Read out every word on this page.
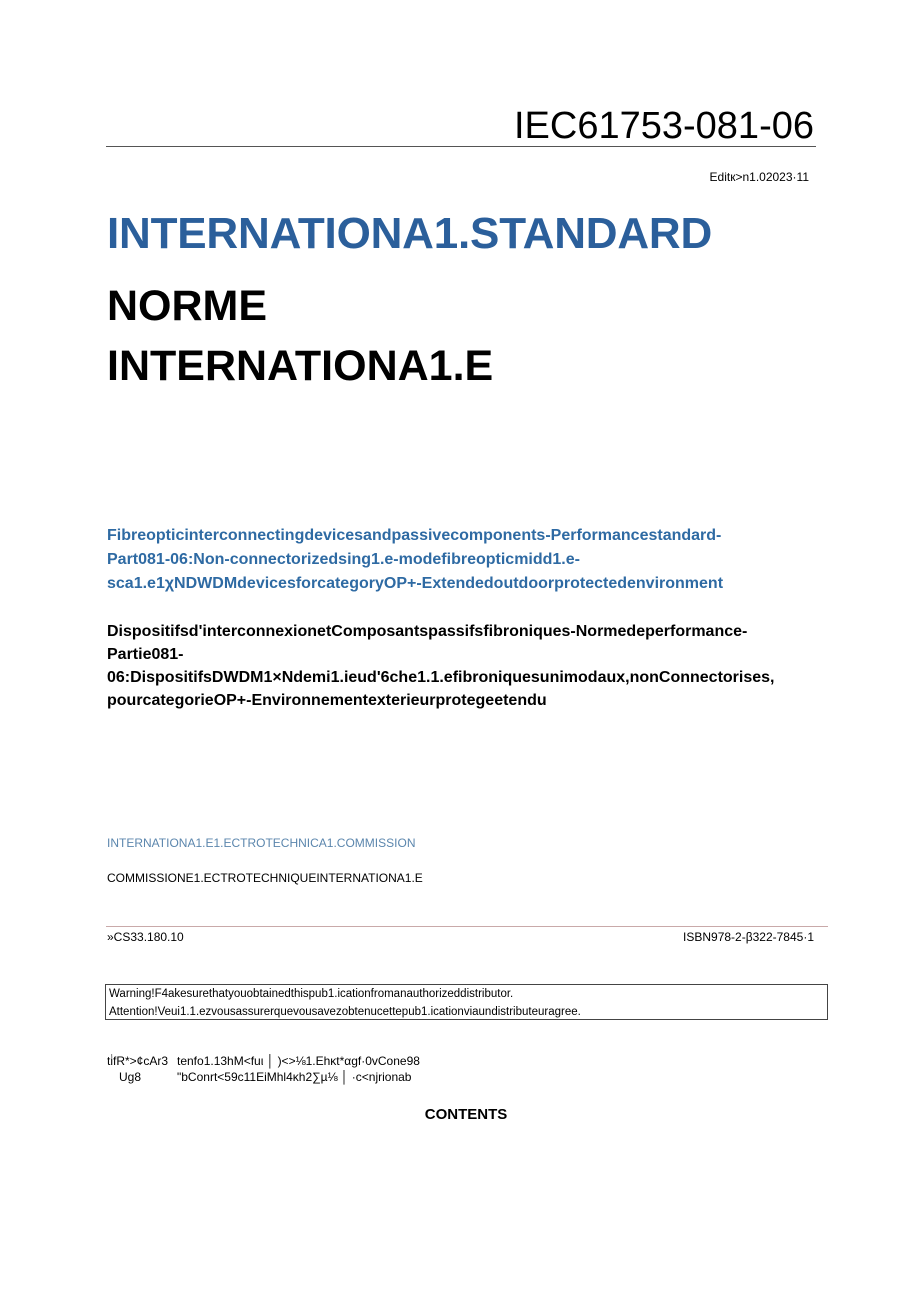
IEC61753-081-06
Editк>n1.02023·11
INTERNATIONA1.STANDARD
NORME
INTERNATIONA1.E
Fibreopticinterconnectingdevicesandpassivecomponents-Performancestandard-
Part081-06:Non-connectorizedsing1.e-modefibreopticmidd1.e-
sca1.e1χNDWDMdevicesforcategoryOP+-Extendedoutdoorprotectedenvironment
Dispositifsd'interconnexionetComposantspassifsfibroniques-Normedeperformance-
Partie081-
06:DispositifsDWDM1×Ndemi1.ieud'6che1.1.efibroniquesunimodaux,nonConnectorises,
pourcategorieOP+-Environnementexterieurprotegeetendu
INTERNATIONA1.E1.ECTROTECHNICA1.COMMISSION
COMMISSIONE1.ECTROTECHNIQUEINTERNATIONA1.E
»CS33.180.10	ISBN978-2-β322-7845·1
Warning!F4akesurethatyouobtainedthispub1.icationfromanauthorizeddistributor.
Attention!Veui1.1.ezvousassurerquevousavezobtenucettepub1.icationviaundistributeuragree.
ti̇fR*>¢cAr3 tenfo1.13hM<fuι │ )<>⅛1.Ehκt*αgf·0vCone98
Ug8	"bConrt<59c11EiMhl4κh2∑µ⅛ │ ·c<njrionab
CONTENTS
